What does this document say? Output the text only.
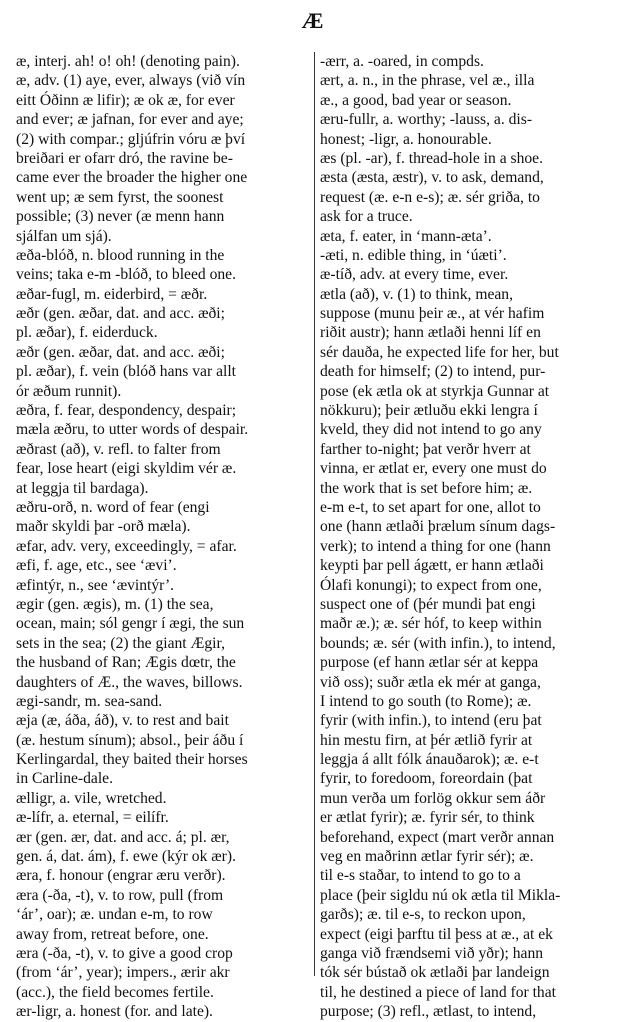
Æ
æ, interj. ah! o! oh! (denoting pain).
æ, adv. (1) aye, ever, always (við vín
eitt Óðinn æ lifir); æ ok æ, for ever
and ever; æ jafnan, for ever and aye;
(2) with compar.; gljúfrin vóru æ því
breiðari er ofarr dró, the ravine be-
came ever the broader the higher one
went up; æ sem fyrst, the soonest
possible; (3) never (æ menn hann
sjálfan um sjá).
æða-blóð, n. blood running in the
veins; taka e-m -blóð, to bleed one.
æðar-fugl, m. eiderbird, = æðr.
æðr (gen. æðar, dat. and acc. æði;
pl. æðar), f. eiderduck.
æðr (gen. æðar, dat. and acc. æði;
pl. æðar), f. vein (blóð hans var allt
ór æðum runnit).
æðra, f. fear, despondency, despair;
mæla æðru, to utter words of despair.
æðrast (að), v. refl. to falter from
fear, lose heart (eigi skyldim vér æ.
at leggja til bardaga).
æðru-orð, n. word of fear (engi
maðr skyldi þar -orð mæla).
æfar, adv. very, exceedingly, = afar.
æfi, f. age, etc., see ‘ævi’.
æfintýr, n., see ‘ævintýr’.
ægir (gen. ægis), m. (1) the sea,
ocean, main; sól gengr í ægi, the sun
sets in the sea; (2) the giant Ægir,
the husband of Ran; Ægis dœtr, the
daughters of Æ., the waves, billows.
ægi-sandr, m. sea-sand.
æja (æ, áða, áð), v. to rest and bait
(æ. hestum sínum); absol., þeir áðu í
Kerlingardal, they baited their horses
in Carline-dale.
ælligr, a. vile, wretched.
æ-lífr, a. eternal, = eilífr.
ær (gen. ær, dat. and acc. á; pl. ær,
gen. á, dat. ám), f. ewe (kýr ok ær).
æra, f. honour (engrar æru verðr).
æra (-ða, -t), v. to row, pull (from
‘ár’, oar); æ. undan e-m, to row
away from, retreat before, one.
æra (-ða, -t), v. to give a good crop
(from ‘ár’, year); impers., ærir akr
(acc.), the field becomes fertile.
ær-ligr, a. honest (for. and late).
-ærr, a. -oared, in compds.
ært, a. n., in the phrase, vel æ., illa
æ., a good, bad year or season.
æru-fullr, a. worthy; -lauss, a. dis-
honest; -ligr, a. honourable.
æs (pl. -ar), f. thread-hole in a shoe.
æsta (æsta, æstr), v. to ask, demand,
request (æ. e-n e-s); æ. sér griða, to
ask for a truce.
æta, f. eater, in ‘mann-æta’.
-æti, n. edible thing, in ‘úæti’.
æ-tíð, adv. at every time, ever.
ætla (að), v. (1) to think, mean,
suppose (munu þeir æ., at vér hafim
riðit austr); hann ætlaði henni líf en
sér dauða, he expected life for her, but
death for himself; (2) to intend, pur-
pose (ek ætla ok at styrkja Gunnar at
nökkuru); þeir ætluðu ekki lengra í
kveld, they did not intend to go any
farther to-night; þat verðr hverr at
vinna, er ætlat er, every one must do
the work that is set before him; æ.
e-m e-t, to set apart for one, allot to
one (hann ætlaði þrælum sínum dags-
verk); to intend a thing for one (hann
keypti þar pell ágætt, er hann ætlaði
Ólafi konungi); to expect from one,
suspect one of (þér mundi þat engi
maðr æ.); æ. sér hóf, to keep within
bounds; æ. sér (with infin.), to intend,
purpose (ef hann ætlar sér at keppa
við oss); suðr ætla ek mér at ganga,
I intend to go south (to Rome); æ.
fyrir (with infin.), to intend (eru þat
hin mestu firn, at þér ætlið fyrir at
leggja á allt fólk ánauðarok); æ. e-t
fyrir, to foredoom, foreordain (þat
mun verða um forlög okkur sem áðr
er ætlat fyrir); æ. fyrir sér, to think
beforehand, expect (mart verðr annan
veg en maðrinn ætlar fyrir sér); æ.
til e-s staðar, to intend to go to a
place (þeir sigldu nú ok ætla til Mikla-
garðs); æ. til e-s, to reckon upon,
expect (eigi þarftu til þess at æ., at ek
ganga við frændsemi við yðr); hann
tók sér bústað ok ætlaði þar landeign
til, he destined a piece of land for that
purpose; (3) refl., ætlast, to intend,
